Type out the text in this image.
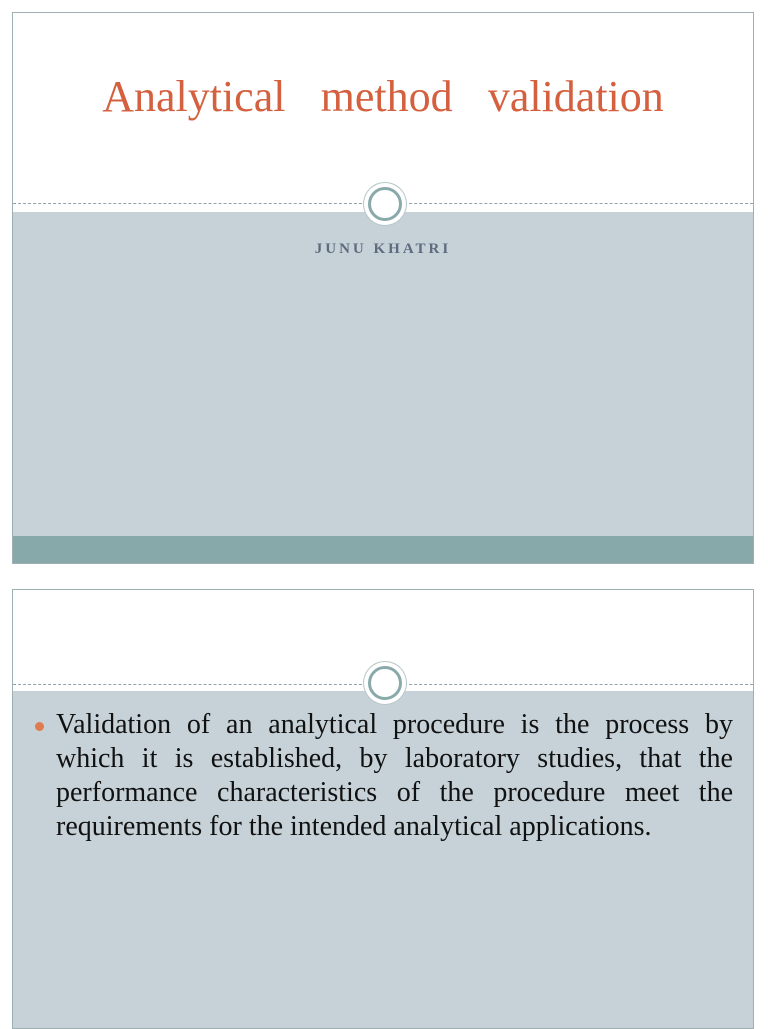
Analytical method validation

JUNU KHATRI

Validation of an analytical procedure is the process by which it is established, by laboratory studies, that the performance characteristics of the procedure meet the requirements for the intended analytical applications.
